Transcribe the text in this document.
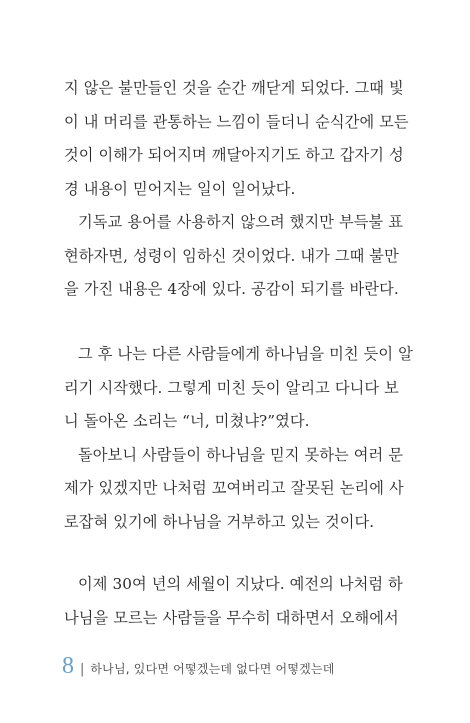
지 않은 불만들인 것을 순간 깨닫게 되었다. 그때 빛
이 내 머리를 관통하는 느낌이 들더니 순식간에 모든
것이 이해가 되어지며 깨달아지기도 하고 갑자기 성
경 내용이 믿어지는 일이 일어났다.
기독교 용어를 사용하지 않으려 했지만 부득불 표
현하자면, 성령이 임하신 것이었다. 내가 그때 불만
을 가진 내용은 4장에 있다. 공감이 되기를 바란다.
그 후 나는 다른 사람들에게 하나님을 미친 듯이 알
리기 시작했다. 그렇게 미친 듯이 알리고 다니다 보
니 돌아온 소리는 “너, 미쳤냐?”였다.
돌아보니 사람들이 하나님을 믿지 못하는 여러 문
제가 있겠지만 나처럼 꼬여버리고 잘못된 논리에 사
로잡혀 있기에 하나님을 거부하고 있는 것이다.
이제 30여 년의 세월이 지났다. 예전의 나처럼 하
나님을 모르는 사람들을 무수히 대하면서 오해에서
8 | 하나님, 있다면 어떻겠는데 없다면 어떻겠는데
